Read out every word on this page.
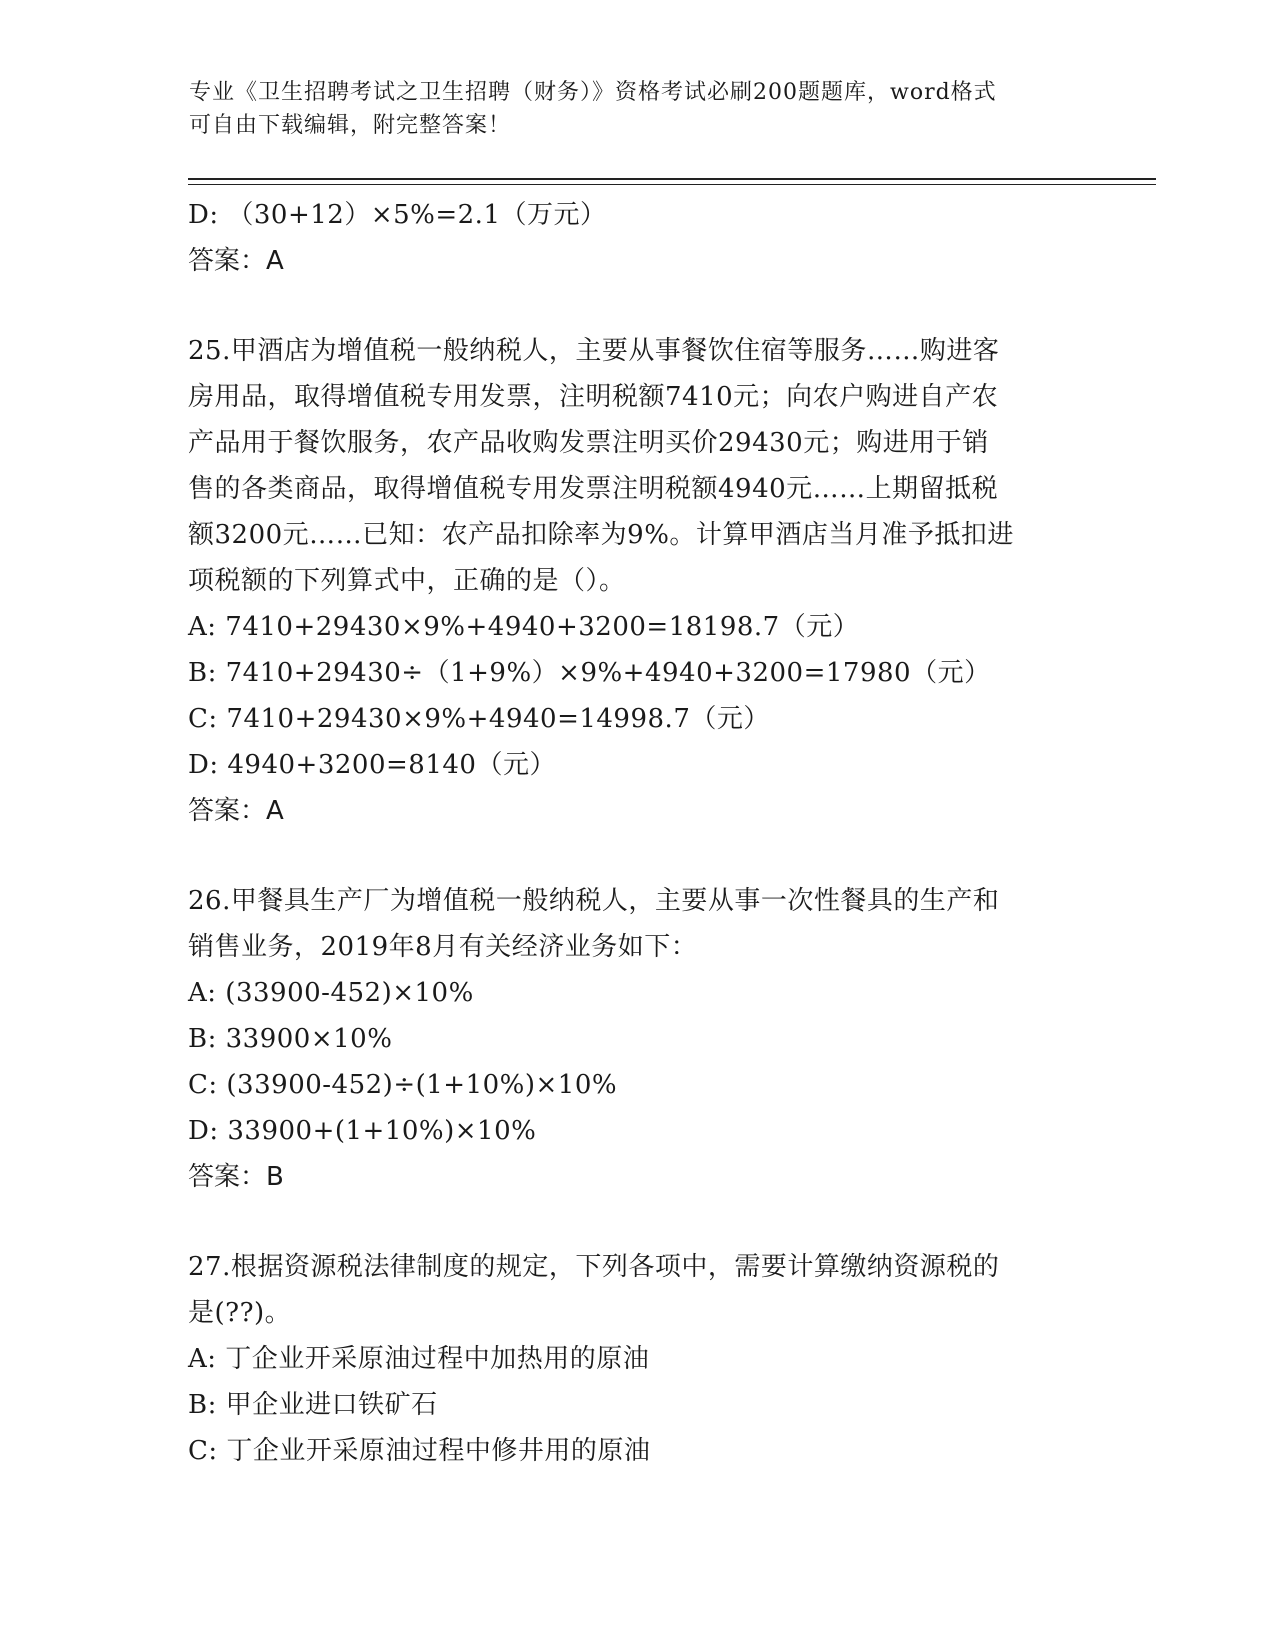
专业《卫生招聘考试之卫生招聘（财务）》资格考试必刷200题题库，word格式
可自由下载编辑，附完整答案！
D: （30+12）×5%=2.1（万元）
答案：A
25.甲酒店为增值税一般纳税人，主要从事餐饮住宿等服务……购进客
房用品，取得增值税专用发票，注明税额7410元；向农户购进自产农
产品用于餐饮服务，农产品收购发票注明买价29430元；购进用于销
售的各类商品，取得增值税专用发票注明税额4940元……上期留抵税
额3200元……已知：农产品扣除率为9%。计算甲酒店当月准予抵扣进
项税额的下列算式中，正确的是（）。
A: 7410+29430×9%+4940+3200=18198.7（元）
B: 7410+29430÷（1+9%）×9%+4940+3200=17980（元）
C: 7410+29430×9%+4940=14998.7（元）
D: 4940+3200=8140（元）
答案：A
26.甲餐具生产厂为增值税一般纳税人，主要从事一次性餐具的生产和
销售业务，2019年8月有关经济业务如下：
A: (33900-452)×10%
B: 33900×10%
C: (33900-452)÷(1+10%)×10%
D: 33900+(1+10%)×10%
答案：B
27.根据资源税法律制度的规定，下列各项中，需要计算缴纳资源税的
是(??)。
A: 丁企业开采原油过程中加热用的原油
B: 甲企业进口铁矿石
C: 丁企业开采原油过程中修井用的原油
